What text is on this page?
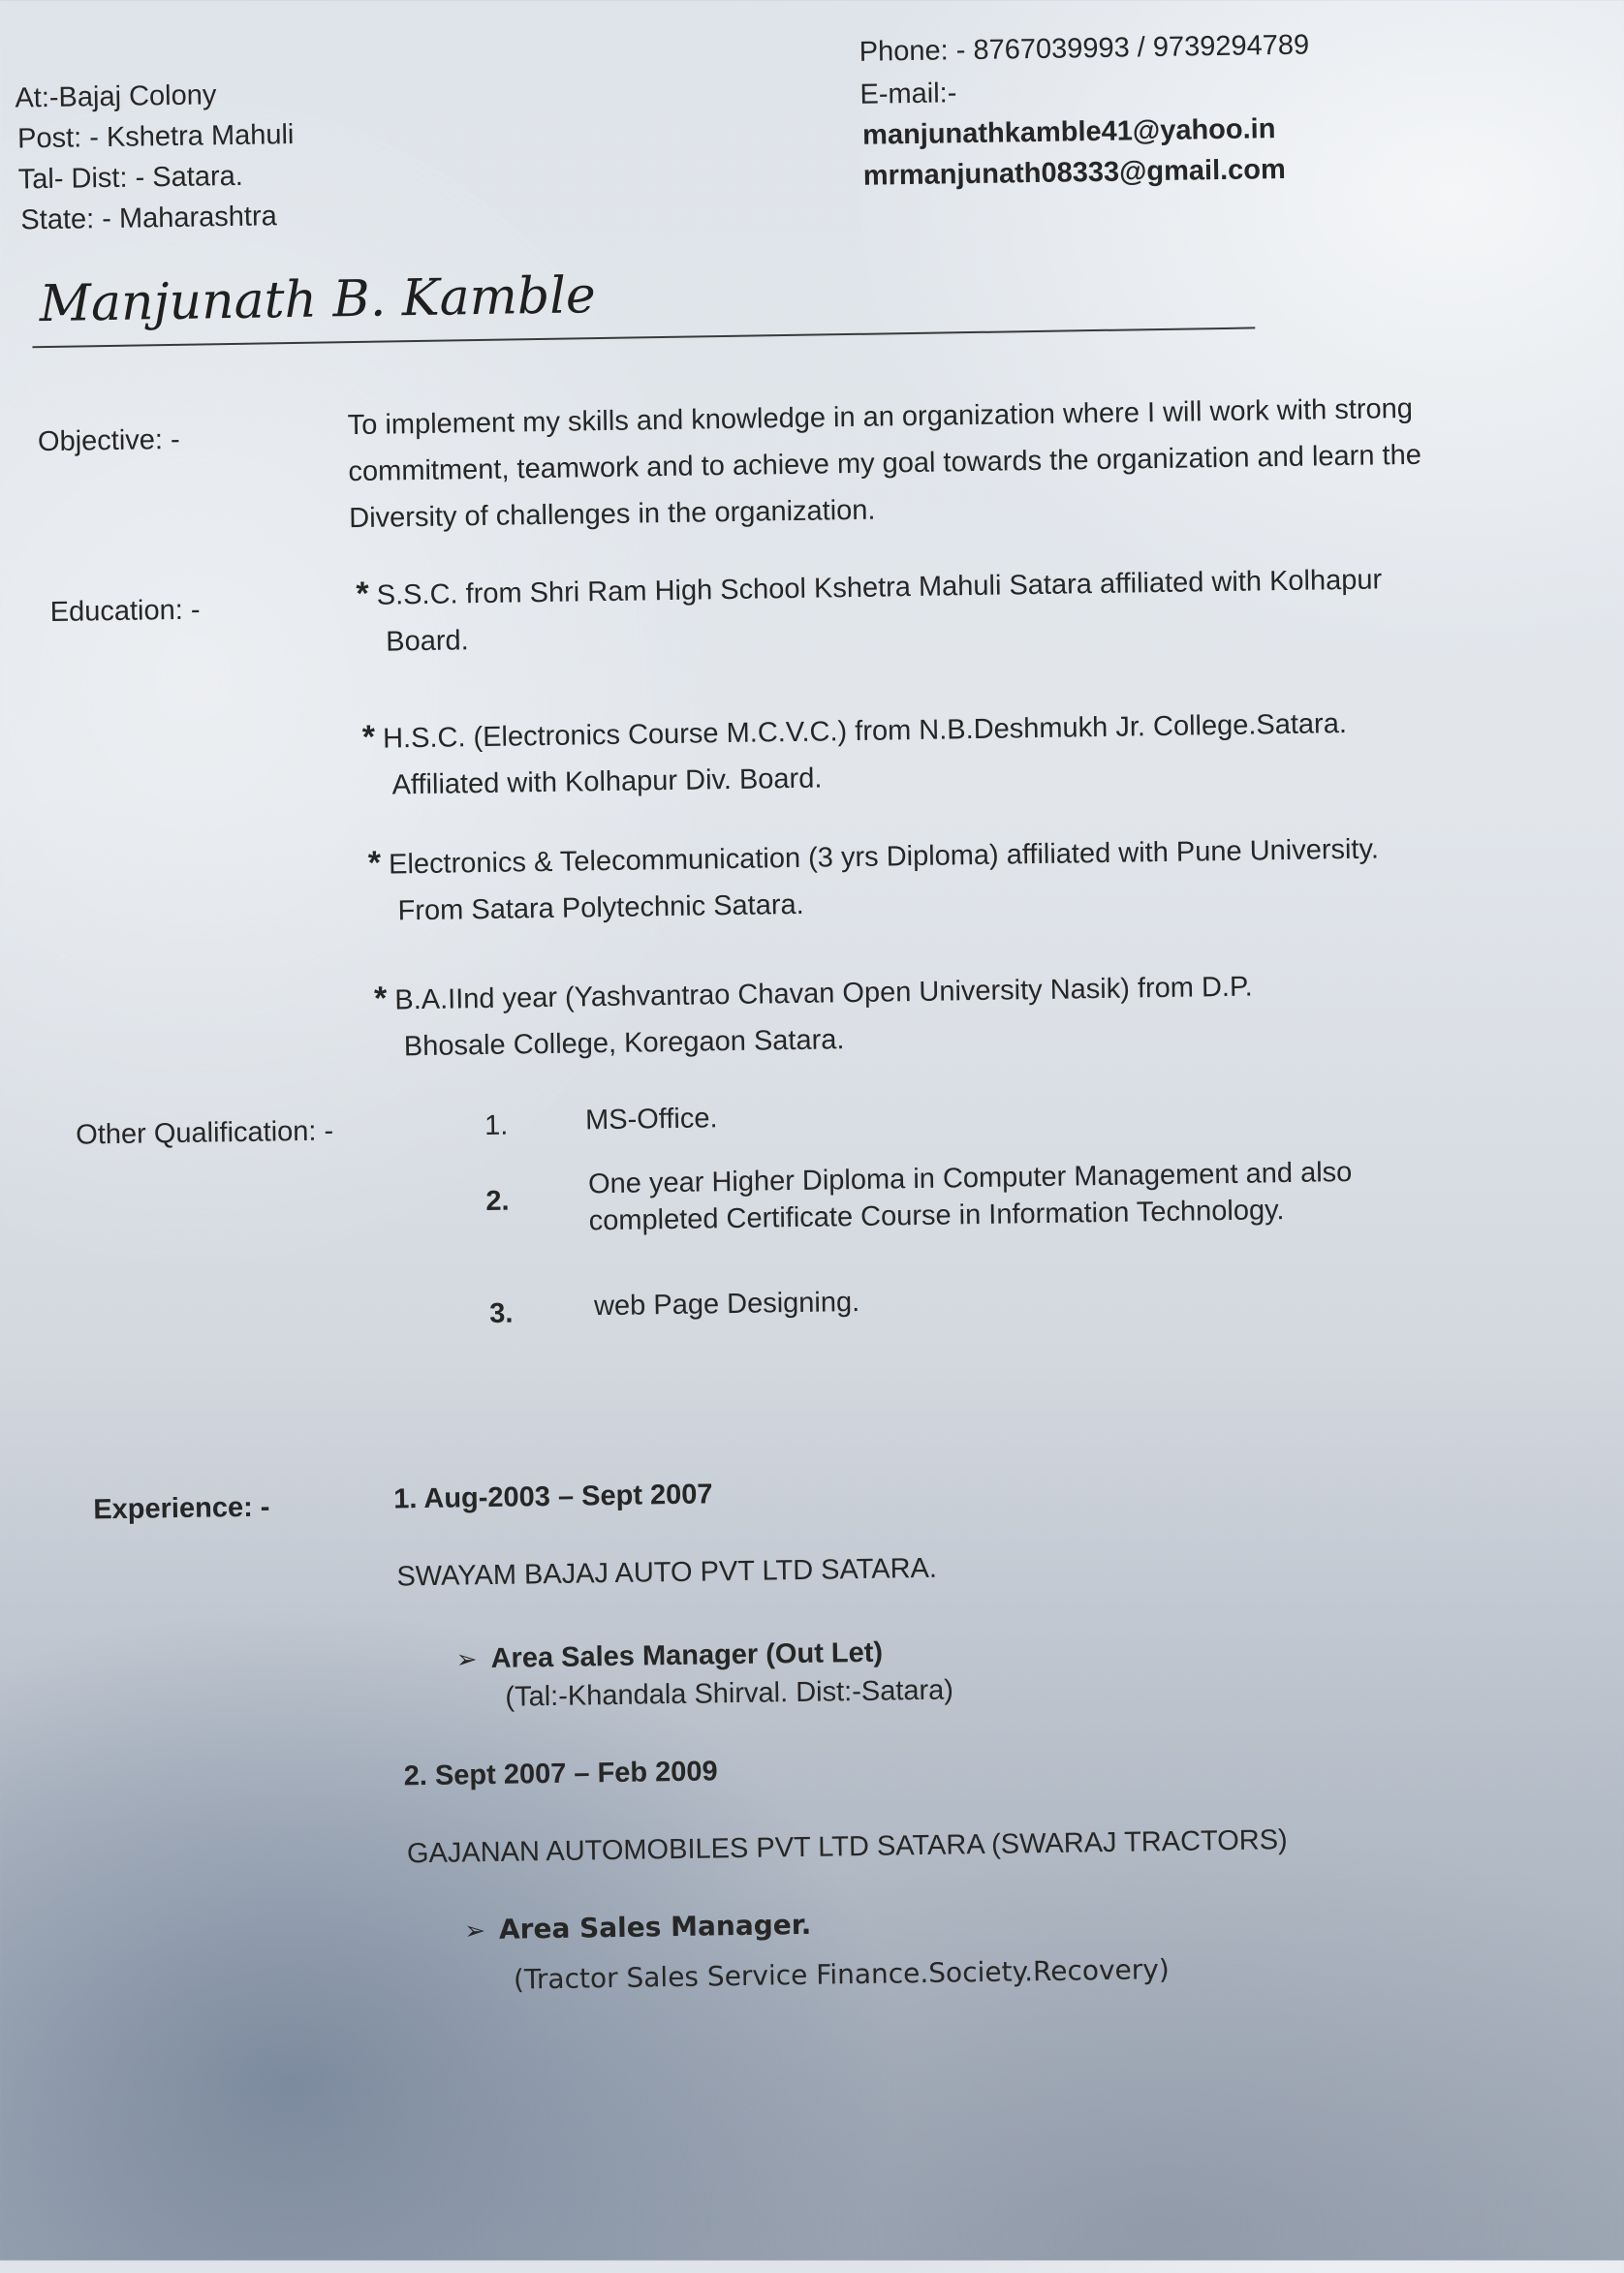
At:-Bajaj Colony
Post: - Kshetra Mahuli
Tal- Dist: - Satara.
State: - Maharashtra
Phone: - 8767039993 / 9739294789
E-mail:-
manjunathkamble41@yahoo.in
mrmanjunath08333@gmail.com
Manjunath B. Kamble
Objective: -	To implement my skills and knowledge in an organization where I will work with strong
commitment, teamwork and to achieve my goal towards the organization and learn the
Diversity of challenges in the organization.
Education: -	* S.S.C. from Shri Ram High School Kshetra Mahuli Satara affiliated with Kolhapur
Board.
* H.S.C. (Electronics Course M.C.V.C.) from N.B.Deshmukh Jr. College.Satara.
Affiliated with Kolhapur Div. Board.
* Electronics & Telecommunication (3 yrs Diploma) affiliated with Pune University.
From Satara Polytechnic Satara.
* B.A.IInd year (Yashvantrao Chavan Open University Nasik) from D.P.
Bhosale College, Koregaon Satara.
Other Qualification: -	1.	MS-Office.
2.
One year Higher Diploma in Computer Management and also
completed Certificate Course in Information Technology.
3.	web Page Designing.
Experience: -	1. Aug-2003 – Sept 2007
SWAYAM BAJAJ AUTO PVT LTD SATARA.
➢ Area Sales Manager (Out Let)
(Tal:-Khandala Shirval. Dist:-Satara)
2. Sept 2007 – Feb 2009
GAJANAN AUTOMOBILES PVT LTD SATARA (SWARAJ TRACTORS)
➢ Area Sales Manager.
(Tractor Sales Service Finance.Society.Recovery)
